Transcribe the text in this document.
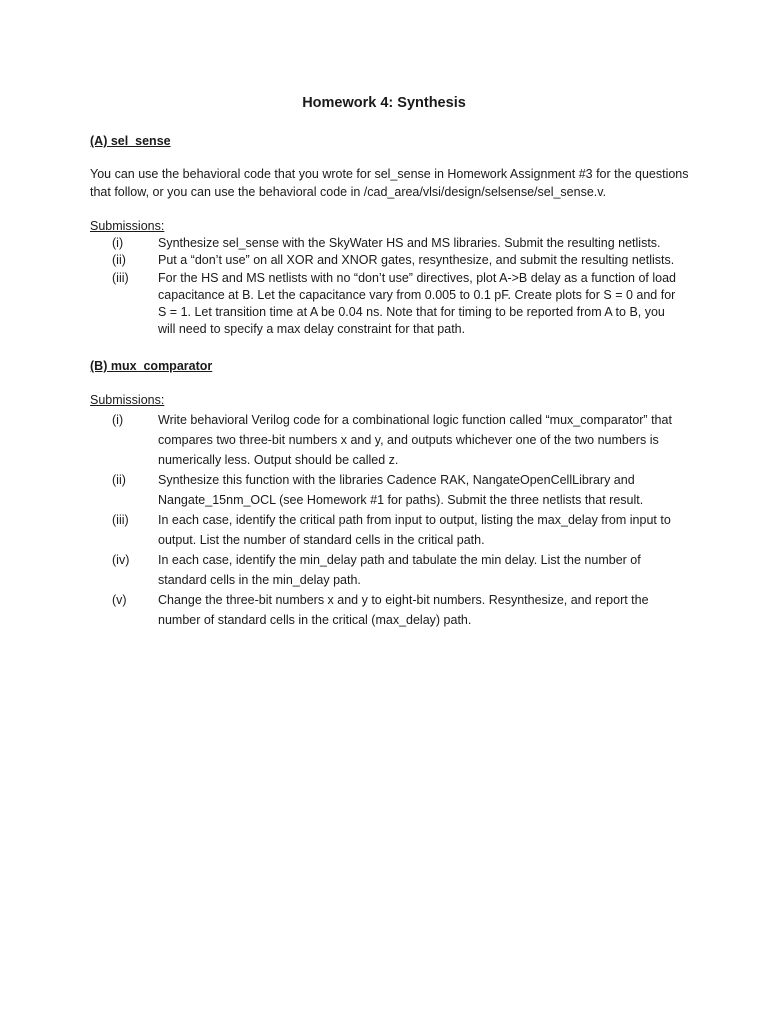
Homework 4: Synthesis
(A) sel_sense
You can use the behavioral code that you wrote for sel_sense in Homework Assignment #3 for the questions that follow, or you can use the behavioral code in /cad_area/vlsi/design/selsense/sel_sense.v.
Submissions:
(i)	Synthesize sel_sense with the SkyWater HS and MS libraries. Submit the resulting netlists.
(ii)	Put a “don’t use” on all XOR and XNOR gates, resynthesize, and submit the resulting netlists.
(iii) For the HS and MS netlists with no “don’t use” directives, plot A->B delay as a function of load capacitance at B. Let the capacitance vary from 0.005 to 0.1 pF. Create plots for S = 0 and for S = 1. Let transition time at A be 0.04 ns. Note that for timing to be reported from A to B, you will need to specify a max delay constraint for that path.
(B) mux_comparator
Submissions:
(i)	Write behavioral Verilog code for a combinational logic function called “mux_comparator” that compares two three-bit numbers x and y, and outputs whichever one of the two numbers is numerically less. Output should be called z.
(ii)	Synthesize this function with the libraries Cadence RAK, NangateOpenCellLibrary and Nangate_15nm_OCL (see Homework #1 for paths). Submit the three netlists that result.
(iii) In each case, identify the critical path from input to output, listing the max_delay from input to output. List the number of standard cells in the critical path.
(iv) In each case, identify the min_delay path and tabulate the min delay. List the number of standard cells in the min_delay path.
(v)	Change the three-bit numbers x and y to eight-bit numbers. Resynthesize, and report the number of standard cells in the critical (max_delay) path.
